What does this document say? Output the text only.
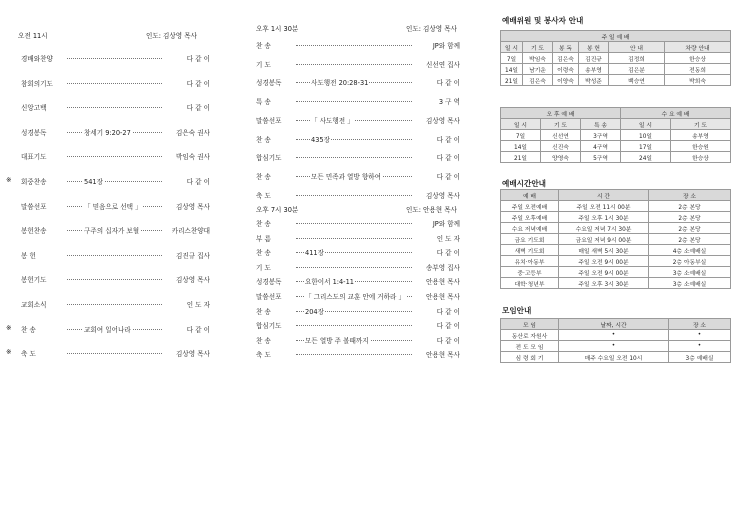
오전 11시	인도: 김상영 목사
경배와찬양	다 같 이
참회의기도	다 같 이
신앙고백	다 같 이
성경봉독	창세기 9:20-27	김은숙 권사
대표기도	박임숙 권사
※ 회중찬송	541장	다 같 이
말씀선포	「 믿음으로 선택 」	김상영 목사
봉헌찬송	구주의 십자가 보혈	카리스찬양대
봉 헌	김진규 집사
봉헌기도	김상영 목사
교회소식	인 도 자
※ 찬 송	교회여 일어나라	다 같 이
※ 축 도	김상영 목사
오후 1시 30분	인도: 김상영 목사
찬 송	JP와 함께
기 도	신선연 집사
성경봉독	사도행전 20:28-31	다 같 이
특 송	3 구 역
말씀선포	「 사도행전 」	김상영 목사
찬 송	435장	다 같 이
합심기도	다 같 이
찬 송	모든 민족과 열방 향하여	다 같 이
축 도	김상영 목사
오후 7시 30분	인도: 안용현 목사
찬 송	JP와 함께
부 름	인 도 자
찬 송	411장	다 같 이
기 도	송부영 집사
성경봉독	요한이서 1:4-11	안용현 목사
말씀선포	「 그리스도의 교훈 안에 거하라 」	안용현 목사
찬 송	204장	다 같 이
합심기도	다 같 이
찬 송	모든 열방 주 볼때까지	다 같 이
축 도	안용현 목사
예배위원 및 봉사자 안내
주 일 예 배						
일 시	기 도	봉 독	봉 헌	안 내	차량 안내	
7일	박임숙	김은숙	김진규	김정희	한승상	
14일	남기운	이령숙	송부영	김은분	전동희	
21일	김은숙	이양숙	박성준	백승연	박희숙	
오 후 예 배			수 요 예 배	
일 시	기 도	특 송	일 시	기 도
7일	신선연	3구역	10일	송부영
14일	신진숙	4구역	17일	한승원
21일	양영숙	5구역	24일	한승상
예배시간안내
예 배	시 간	장 소
주일 오전예배	주일 오전 11시 00분	2층 본당
주일 오후예배	주일 오후 1시 30분	2층 본당
수요 저녁예배	수요일 저녁 7시 30분	2층 본당
금요 기도회	금요일 저녁 9시 00분	2층 본당
새벽 기도회	매일 새벽 5시 30분	4층 소예배실
유치·아동부	주일 오전 9시 00분	2층 아동부실
중·고등부	주일 오전 9시 00분	3층 소예배실
대학·청년부	주일 오후 3시 30분	3층 소예배실
모임안내
모 임	날짜, 시간	장 소
동산로 자원사	•	•
전 도 모 임	•	•
심 령 회 기	매주 수요일 오전 10시	3층 예배실
